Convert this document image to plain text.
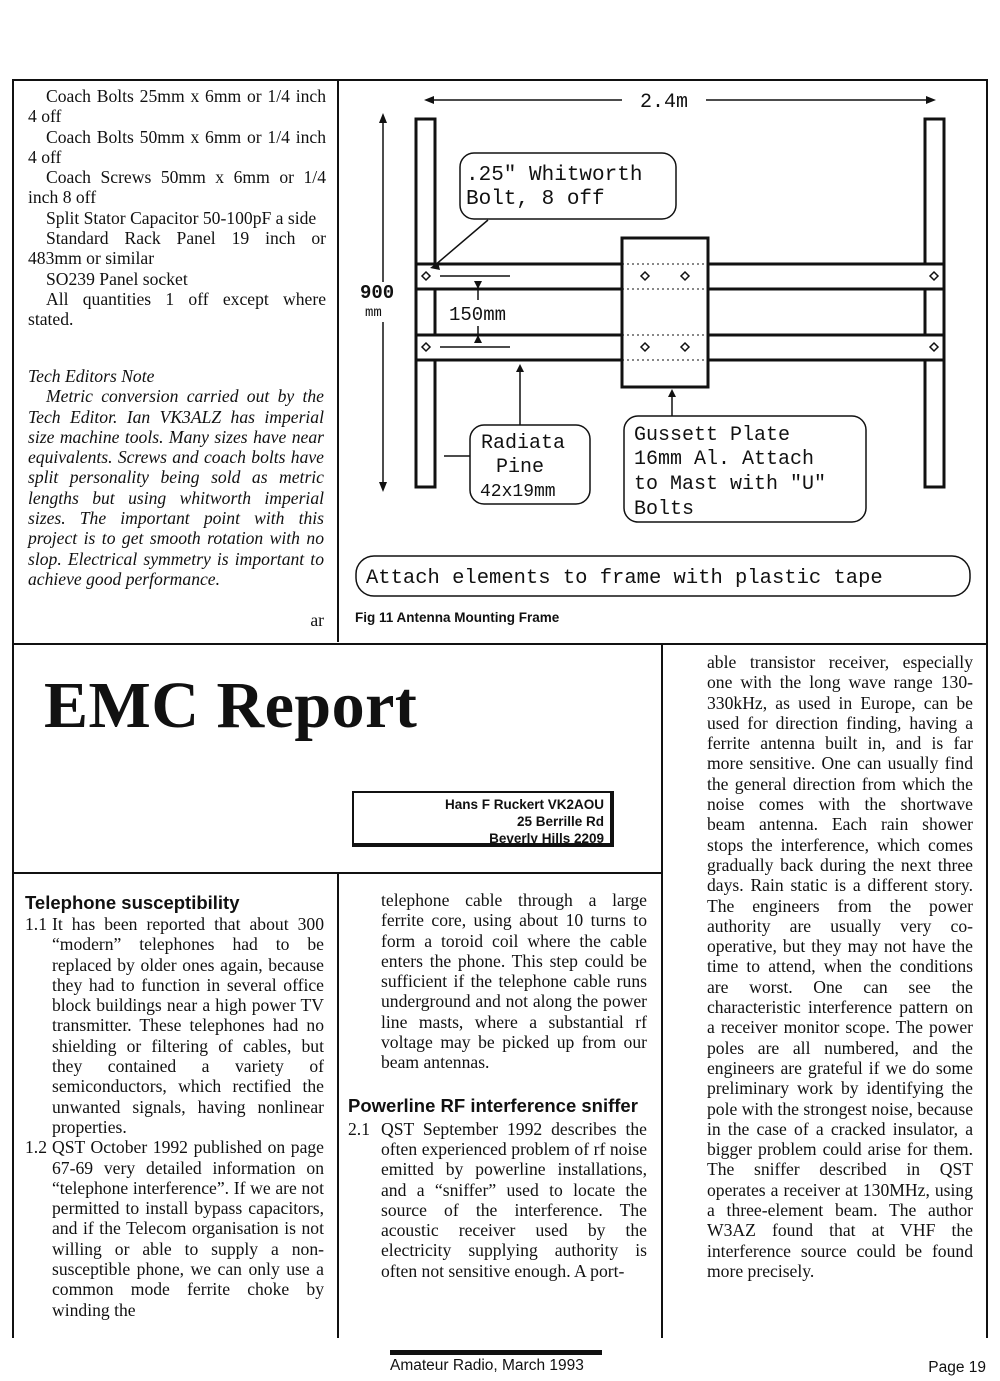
Coach Bolts 25mm x 6mm or 1/4 inch 4 off

Coach Bolts 50mm x 6mm or 1/4 inch 4 off

Coach Screws 50mm x 6mm or 1/4 inch 8 off

Split Stator Capacitor 50-100pF a side

Standard Rack Panel 19 inch or 483mm or similar

SO239 Panel socket

All quantities 1 off except where stated.

Tech Editors Note

Metric conversion carried out by the Tech Editor. Ian VK3ALZ has imperial size machine tools. Many sizes have near equivalents. Screws and coach bolts have split personality being sold as metric lengths but using whitworth imperial sizes. The important point with this project is to get smooth rotation with no slop. Electrical symmetry is important to achieve good performance.

ar
2.4m
900
mm	150mm
.25" Whitworth
Bolt, 8 off
Radiata
Pine
42x19mm
Gussett Plate
16mm Al. Attach
to Mast with "U"
Bolts
Attach elements to frame with plastic tape
Fig 11 Antenna Mounting Frame
EMC Report
Hans F Ruckert VK2AOU
25 Berrille Rd
Beverly Hills 2209
Telephone susceptibility
1.1 It has been reported that about 300 “modern” telephones had to be replaced by older ones again, because they had to function in several office block buildings near a high power TV transmitter. These telephones had no shielding or filtering of cables, but they contained a variety of semiconductors, which rectified the unwanted signals, having nonlinear properties.
1.2 QST October 1992 published on page 67-69 very detailed information on “telephone interference”. If we are not permitted to install bypass capacitors, and if the Telecom organisation is not willing or able to supply a non-susceptible phone, we can only use a common mode ferrite choke by winding the

telephone cable through a large ferrite core, using about 10 turns to form a toroid coil where the cable enters the phone. This step could be sufficient if the telephone cable runs underground and not along the power line masts, where a substantial rf voltage may be picked up from our beam antennas.

Powerline RF interference sniffer
2.1 QST September 1992 describes the often experienced problem of rf noise emitted by powerline installations, and a “sniffer” used to locate the source of the interference. The acoustic receiver used by the electricity supplying authority is often not sensitive enough. A port-

able transistor receiver, especially one with the long wave range 130-330kHz, as used in Europe, can be used for direction finding, having a ferrite antenna built in, and is far more sensitive. One can usually find the general direction from which the noise comes with the shortwave beam antenna. Each rain shower stops the interference, which comes gradually back during the next three days. Rain static is a different story. The engineers from the power authority are usually very co-operative, but they may not have the time to attend, when the conditions are worst. One can see the characteristic interference pattern on a receiver monitor scope. The power poles are all numbered, and the engineers are grateful if we do some preliminary work by identifying the pole with the strongest noise, because in the case of a cracked insulator, a bigger problem could arise for them. The sniffer described in QST operates a receiver at 130MHz, using a three-element beam. The author W3AZ found that at VHF the interference source could be found more precisely.

Amateur Radio, March 1993	Page 19
